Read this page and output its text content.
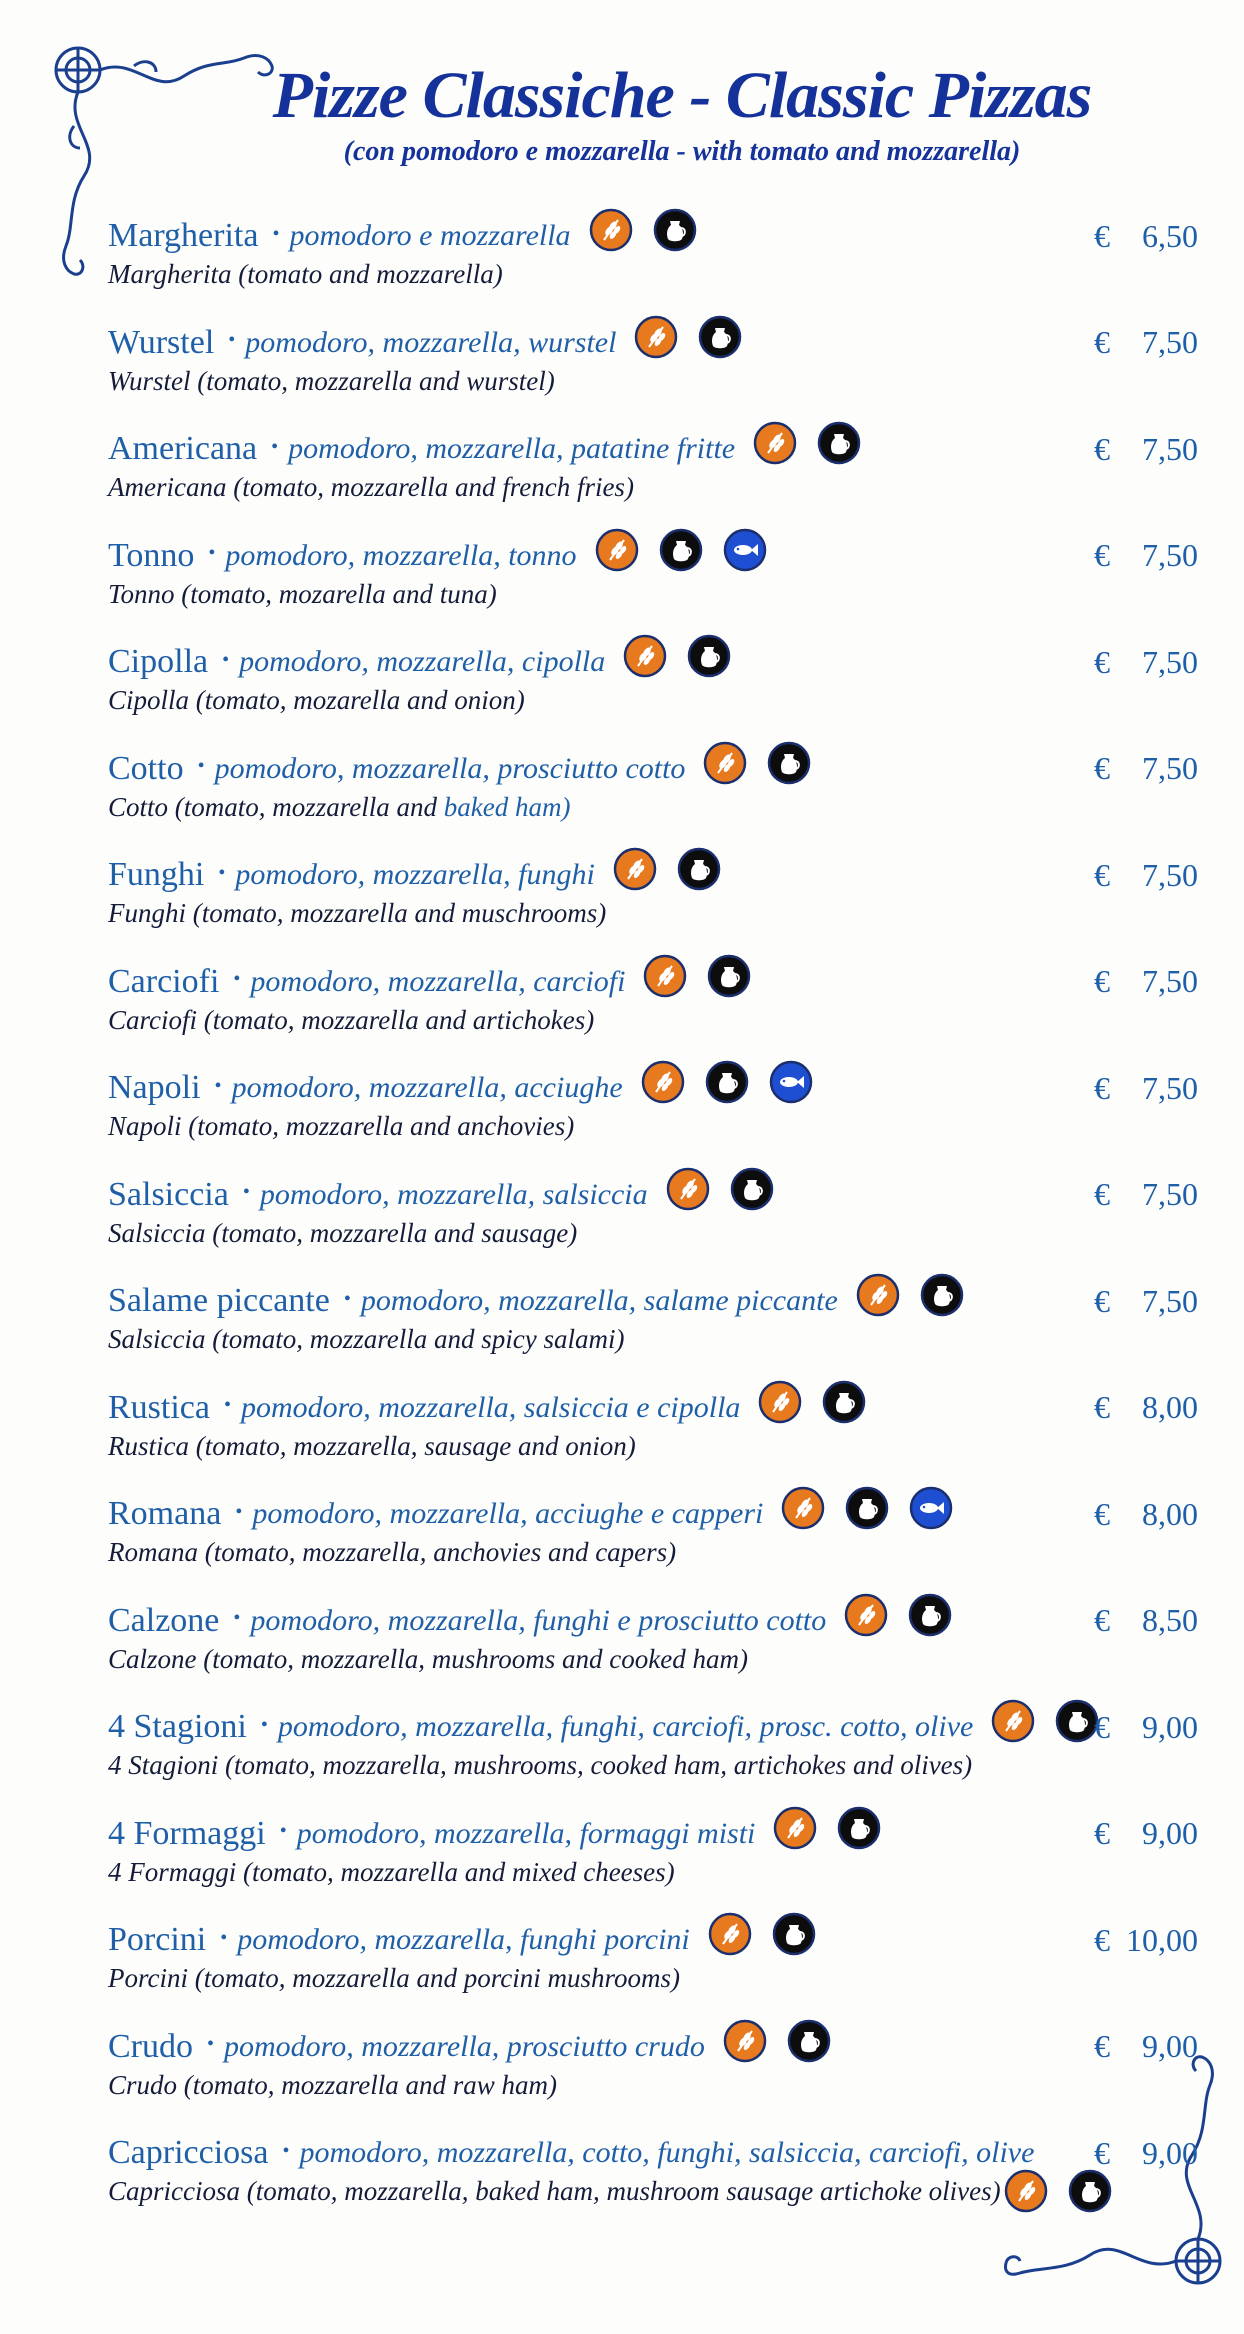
Pizze Classiche - Classic Pizzas
(con pomodoro e mozzarella - with tomato and mozzarella)
Margherita • pomodoro e mozzarella
Margherita (tomato and mozzarella)
€ 6,50
Wurstel • pomodoro, mozzarella, wurstel
Wurstel (tomato, mozzarella and wurstel)
€ 7,50
Americana • pomodoro, mozzarella, patatine fritte
Americana (tomato, mozzarella and french fries)
€ 7,50
Tonno • pomodoro, mozzarella, tonno
Tonno (tomato, mozarella and tuna)
€ 7,50
Cipolla • pomodoro, mozzarella, cipolla
Cipolla (tomato, mozarella and onion)
€ 7,50
Cotto • pomodoro, mozzarella, prosciutto cotto
Cotto (tomato, mozzarella and baked ham)
€ 7,50
Funghi • pomodoro, mozzarella, funghi
Funghi (tomato, mozzarella and muschrooms)
€ 7,50
Carciofi • pomodoro, mozzarella, carciofi
Carciofi (tomato, mozzarella and artichokes)
€ 7,50
Napoli • pomodoro, mozzarella, acciughe
Napoli (tomato, mozzarella and anchovies)
€ 7,50
Salsiccia • pomodoro, mozzarella, salsiccia
Salsiccia (tomato, mozzarella and sausage)
€ 7,50
Salame piccante • pomodoro, mozzarella, salame piccante
Salsiccia (tomato, mozzarella and spicy salami)
€ 7,50
Rustica • pomodoro, mozzarella, salsiccia e cipolla
Rustica (tomato, mozzarella, sausage and onion)
€ 8,00
Romana • pomodoro, mozzarella, acciughe e capperi
Romana (tomato, mozzarella, anchovies and capers)
€ 8,00
Calzone • pomodoro, mozzarella, funghi e prosciutto cotto
Calzone (tomato, mozzarella, mushrooms and cooked ham)
€ 8,50
4 Stagioni • pomodoro, mozzarella, funghi, carciofi, prosc. cotto, olive
4 Stagioni (tomato, mozzarella, mushrooms, cooked ham, artichokes and olives)
€ 9,00
4 Formaggi • pomodoro, mozzarella, formaggi misti
4 Formaggi (tomato, mozzarella and mixed cheeses)
€ 9,00
Porcini • pomodoro, mozzarella, funghi porcini
Porcini (tomato, mozzarella and porcini mushrooms)
€ 10,00
Crudo • pomodoro, mozzarella, prosciutto crudo
Crudo (tomato, mozzarella and raw ham)
€ 9,00
Capricciosa • pomodoro, mozzarella, cotto, funghi, salsiccia, carciofi, olive
Capricciosa (tomato, mozzarella, baked ham, mushroom sausage artichoke olives)
€ 9,00
